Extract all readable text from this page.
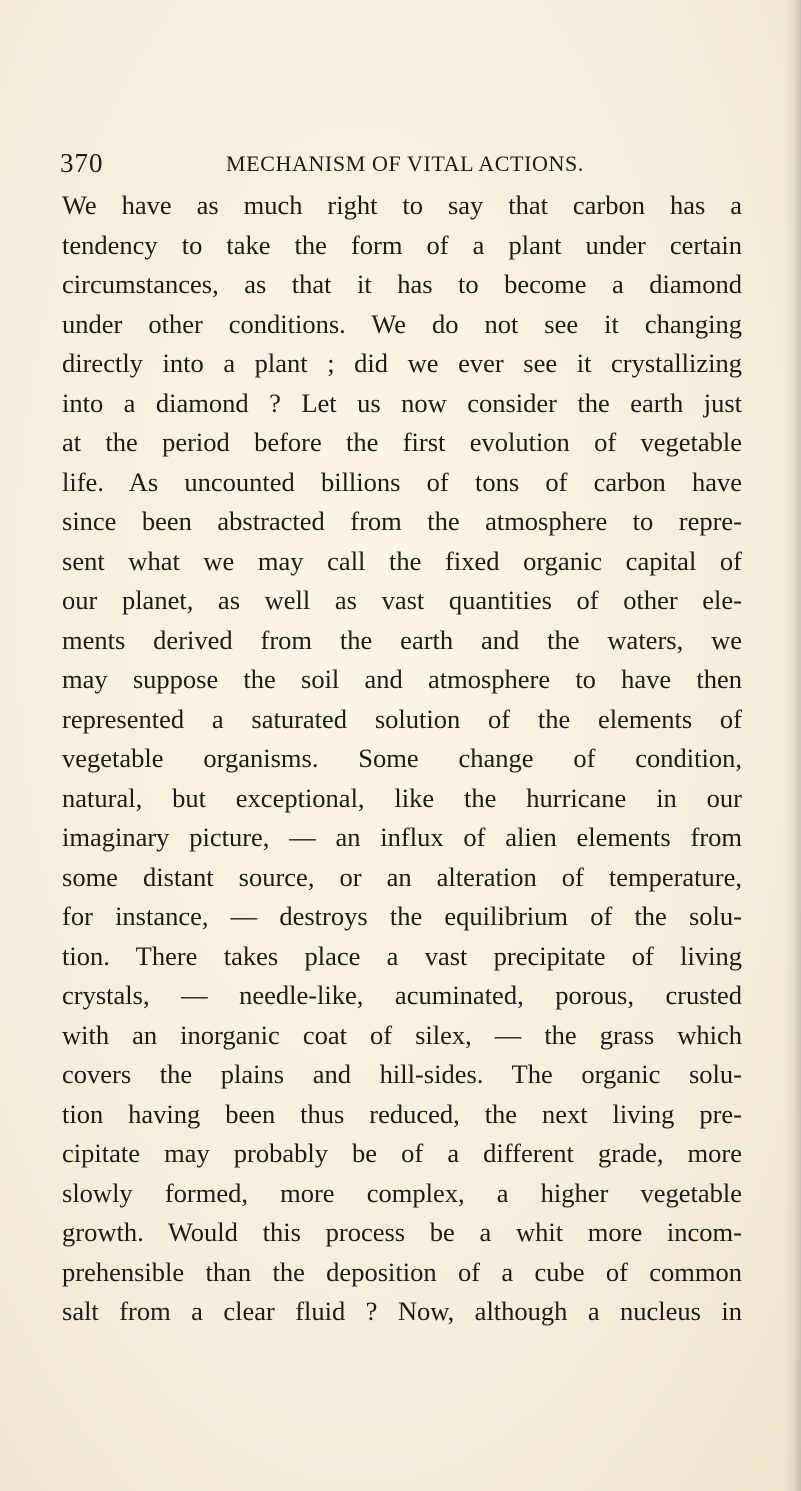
370	MECHANISM OF VITAL ACTIONS.
We have as much right to say that carbon has a
tendency to take the form of a plant under certain
circumstances, as that it has to become a diamond
under other conditions. We do not see it changing
directly into a plant ; did we ever see it crystallizing
into a diamond ? Let us now consider the earth just
at the period before the first evolution of vegetable
life. As uncounted billions of tons of carbon have
since been abstracted from the atmosphere to repre-
sent what we may call the fixed organic capital of
our planet, as well as vast quantities of other ele-
ments derived from the earth and the waters, we
may suppose the soil and atmosphere to have then
represented a saturated solution of the elements of
vegetable organisms. Some change of condition,
natural, but exceptional, like the hurricane in our
imaginary picture, — an influx of alien elements from
some distant source, or an alteration of temperature,
for instance, — destroys the equilibrium of the solu-
tion. There takes place a vast precipitate of living
crystals, — needle-like, acuminated, porous, crusted
with an inorganic coat of silex, — the grass which
covers the plains and hill-sides. The organic solu-
tion having been thus reduced, the next living pre-
cipitate may probably be of a different grade, more
slowly formed, more complex, a higher vegetable
growth. Would this process be a whit more incom-
prehensible than the deposition of a cube of common
salt from a clear fluid ? Now, although a nucleus in
